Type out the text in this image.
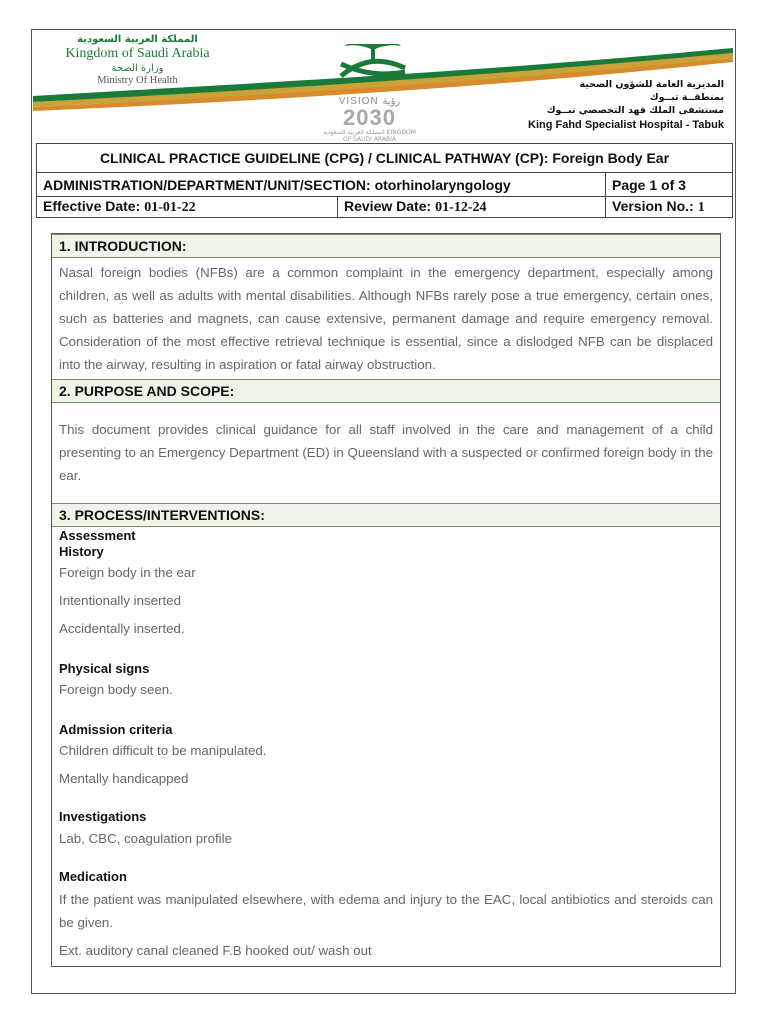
المملكة العربية السعودية
Kingdom of Saudi Arabia
وزارة الصحة
Ministry Of Health
VISION رؤية
2030
المملكة العربية السعودية KINGDOM OF SAUDI ARABIA
المديرية العامة للشؤون الصحية
بمنطقــة تبــوك
مستشفى الملك فهد التخصصي تبــوك
King Fahd Specialist Hospital - Tabuk
CLINICAL PRACTICE GUIDELINE (CPG) / CLINICAL PATHWAY (CP): Foreign Body Ear		
ADMINISTRATION/DEPARTMENT/UNIT/SECTION: otorhinolaryngology		Page 1 of 3
Effective Date: 01-01-22	Review Date: 01-12-24	Version No.: 1
1. INTRODUCTION:
Nasal foreign bodies (NFBs) are a common complaint in the emergency department, especially among children, as well as adults with mental disabilities. Although NFBs rarely pose a true emergency, certain ones, such as batteries and magnets, can cause extensive, permanent damage and require emergency removal. Consideration of the most effective retrieval technique is essential, since a dislodged NFB can be displaced into the airway, resulting in aspiration or fatal airway obstruction.
2. PURPOSE AND SCOPE:
This document provides clinical guidance for all staff involved in the care and management of a child presenting to an Emergency Department (ED) in Queensland with a suspected or confirmed foreign body in the ear.
3. PROCESS/INTERVENTIONS:
Assessment
History
Foreign body in the ear
Intentionally inserted
Accidentally inserted.
Physical signs
Foreign body seen.
Admission criteria
Children difficult to be manipulated.
Mentally handicapped
Investigations
Lab, CBC, coagulation profile
Medication
If the patient was manipulated elsewhere, with edema and injury to the EAC, local antibiotics and steroids can be given.
Ext. auditory canal cleaned F.B hooked out/ wash out
